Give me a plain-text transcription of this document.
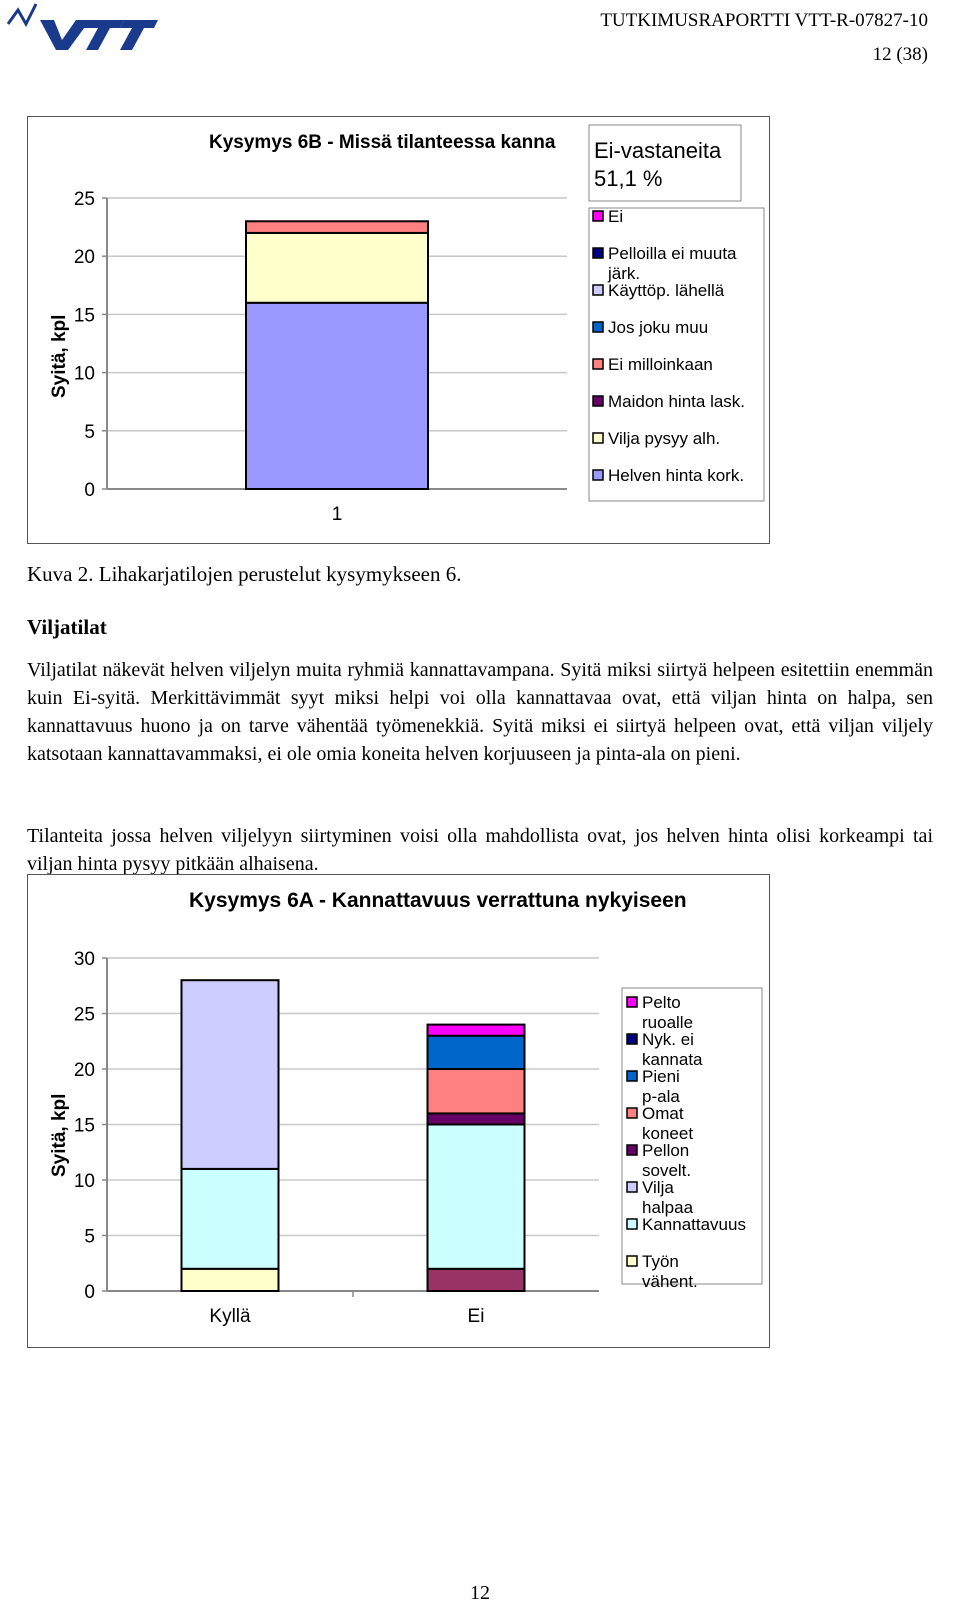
TUTKIMUSRAPORTTI VTT-R-07827-10
12 (38)
Kysymys 6B - Missä tilanteessa kanna
0
5
10
15
20
25
1
Syitä, kpl
Ei-vastaneita 51,1 %
Ei
Pelloilla ei muuta järk.
Käyttöp. lähellä
Jos joku muu
Ei milloinkaan
Maidon hinta lask.
Vilja pysyy alh.
Helven hinta kork.
Kuva 2. Lihakarjatilojen perustelut kysymykseen 6.
Viljatilat
Viljatilat näkevät helven viljelyn muita ryhmiä kannattavampana. Syitä miksi siirtyä helpeen esitettiin enemmän kuin Ei-syitä. Merkittävimmät syyt miksi helpi voi olla kannattavaa ovat, että viljan hinta on halpa, sen kannattavuus huono ja on tarve vähentää työmenekkiä. Syitä miksi ei siirtyä helpeen ovat, että viljan viljely katsotaan kannattavammaksi, ei ole omia koneita helven korjuuseen ja pinta-ala on pieni.
Tilanteita jossa helven viljelyyn siirtyminen voisi olla mahdollista ovat, jos helven hinta olisi korkeampi tai viljan hinta pysyy pitkään alhaisena.
Kysymys 6A - Kannattavuus verrattuna nykyiseen
0
5
10
15
20
25
30
Kyllä	Ei
Syitä, kpl
Pelto ruoalle
Nyk. ei kannata
Pieni p-ala
Omat koneet
Pellon sovelt.
Vilja halpaa
Kannattavuus
Työn vähent.
12
